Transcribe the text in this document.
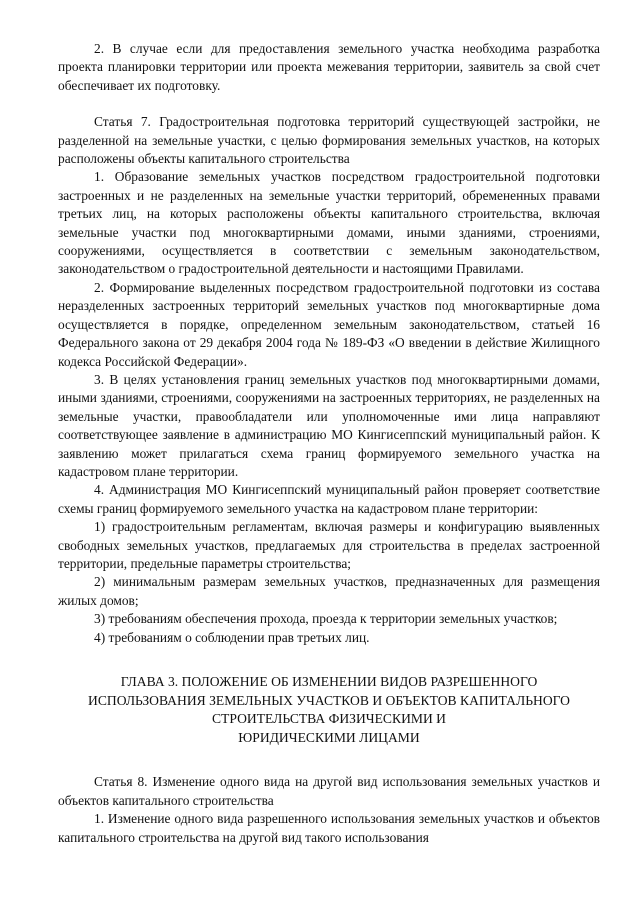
2. В случае если для предоставления земельного участка необходима разработка проекта планировки территории или проекта межевания территории, заявитель за свой счет обеспечивает их подготовку.

Статья 7. Градостроительная подготовка территорий существующей застройки, не разделенной на земельные участки, с целью формирования земельных участков, на которых расположены объекты капитального строительства

1. Образование земельных участков посредством градостроительной подготовки застроенных и не разделенных на земельные участки территорий, обремененных правами третьих лиц, на которых расположены объекты капитального строительства, включая земельные участки под многоквартирными домами, иными зданиями, строениями, сооружениями, осуществляется в соответствии с земельным законодательством, законодательством о градостроительной деятельности и настоящими Правилами.

2. Формирование выделенных посредством градостроительной подготовки из состава неразделенных застроенных территорий земельных участков под многоквартирные дома осуществляется в порядке, определенном земельным законодательством, статьей 16 Федерального закона от 29 декабря 2004 года № 189-ФЗ «О введении в действие Жилищного кодекса Российской Федерации».

3. В целях установления границ земельных участков под многоквартирными домами, иными зданиями, строениями, сооружениями на застроенных территориях, не разделенных на земельные участки, правообладатели или уполномоченные ими лица направляют соответствующее заявление в администрацию МО Кингисеппский муниципальный район. К заявлению может прилагаться схема границ формируемого земельного участка на кадастровом плане территории.

4. Администрация МО Кингисеппский муниципальный район проверяет соответствие схемы границ формируемого земельного участка на кадастровом плане территории:

1) градостроительным регламентам, включая размеры и конфигурацию выявленных свободных земельных участков, предлагаемых для строительства в пределах застроенной территории, предельные параметры строительства;

2) минимальным размерам земельных участков, предназначенных для размещения жилых домов;

3) требованиям обеспечения прохода, проезда к территории земельных участков;

4) требованиям о соблюдении прав третьих лиц.

ГЛАВА 3. ПОЛОЖЕНИЕ ОБ ИЗМЕНЕНИИ ВИДОВ РАЗРЕШЕННОГО
ИСПОЛЬЗОВАНИЯ ЗЕМЕЛЬНЫХ УЧАСТКОВ И ОБЪЕКТОВ КАПИТАЛЬНОГО
СТРОИТЕЛЬСТВА ФИЗИЧЕСКИМИ И
ЮРИДИЧЕСКИМИ ЛИЦАМИ

Статья 8. Изменение одного вида на другой вид использования земельных участков и объектов капитального строительства

1. Изменение одного вида разрешенного использования земельных участков и объектов капитального строительства на другой вид такого использования
